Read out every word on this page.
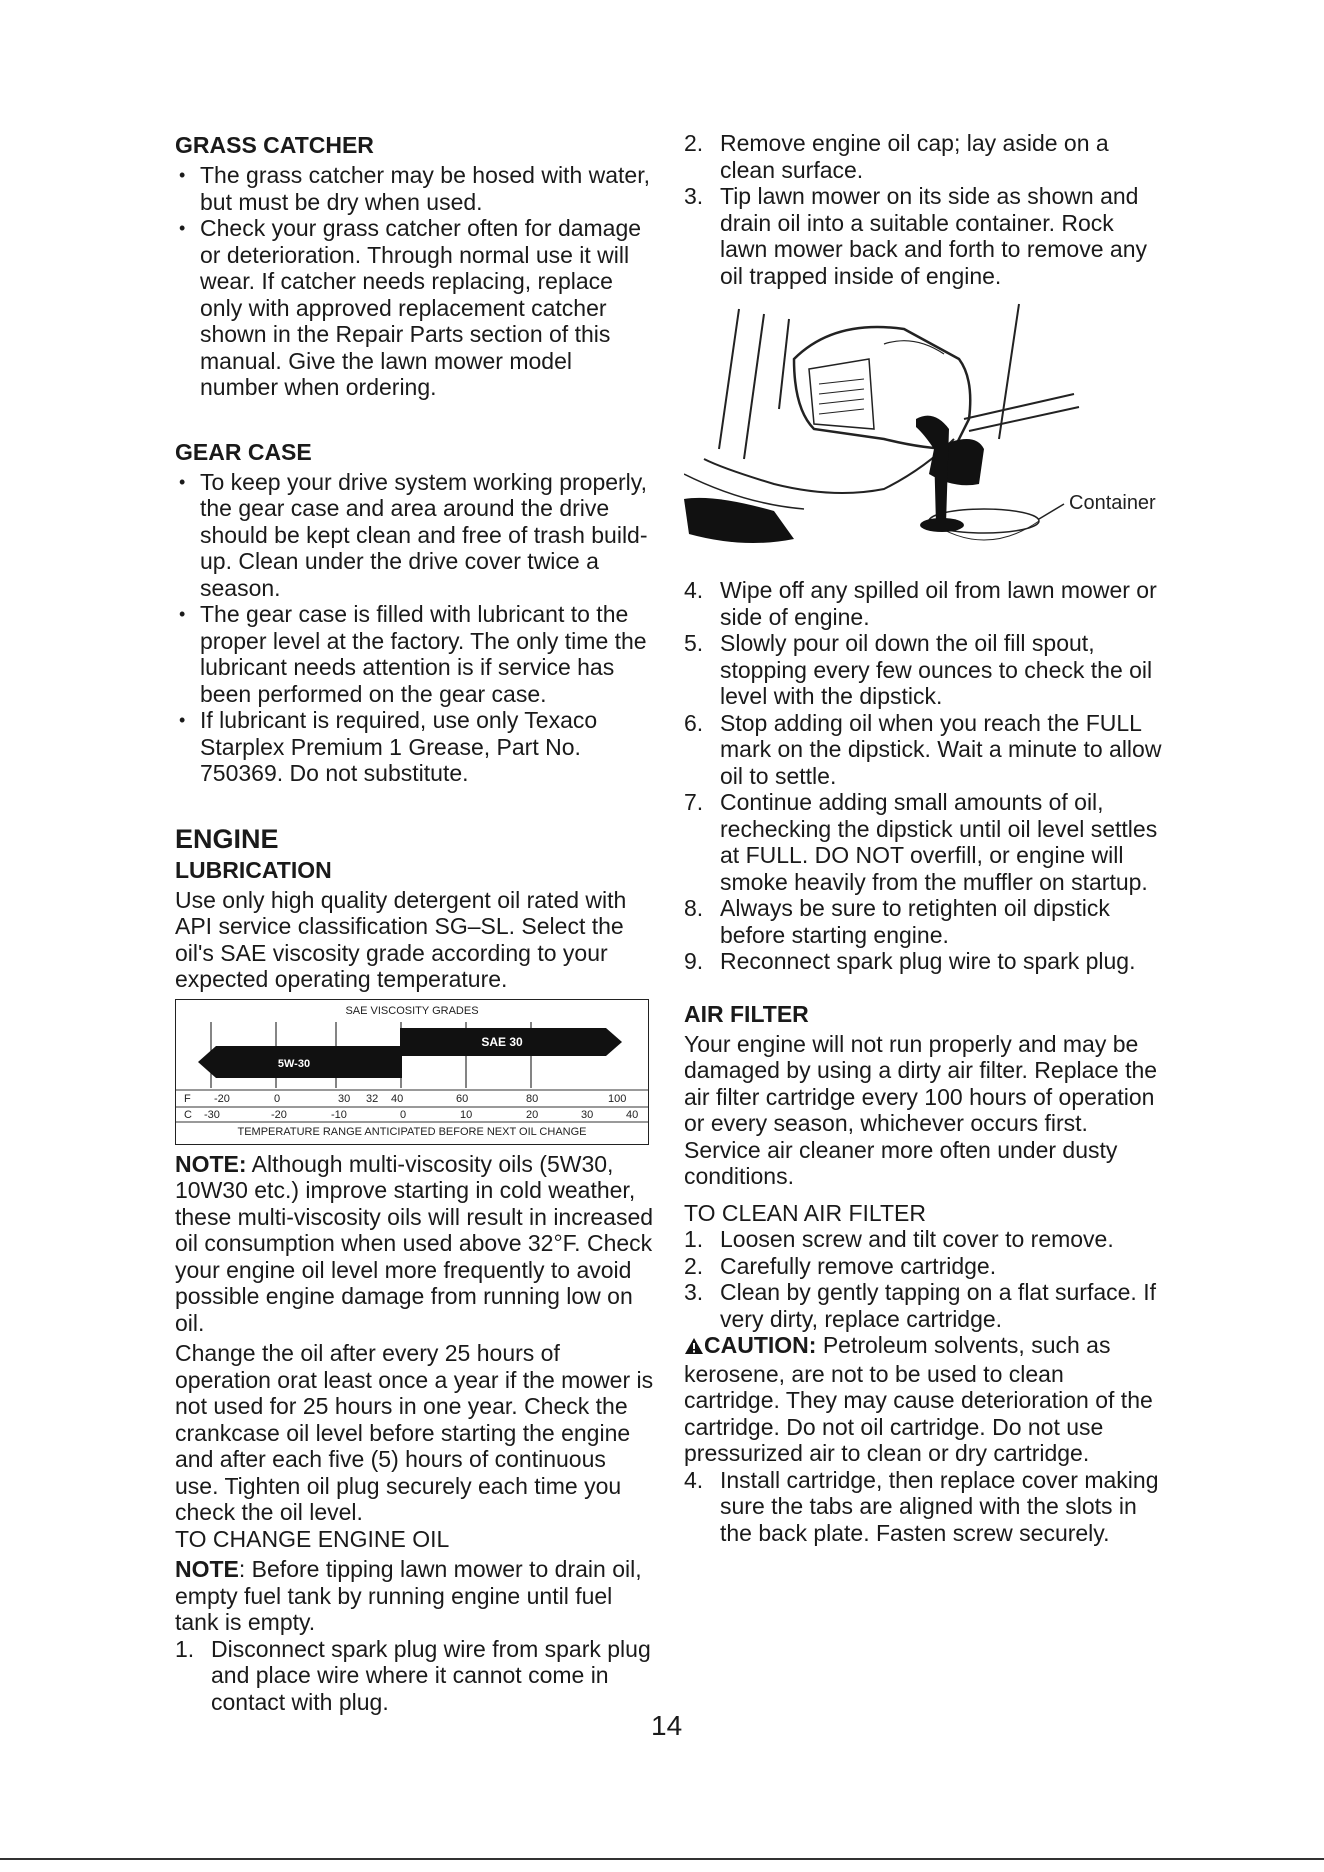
GRASS CATCHER
• The grass catcher may be hosed with water, but must be dry when used.
• Check your grass catcher often for damage or deterioration. Through normal use it will wear. If catcher needs replacing, replace only with approved replacement catcher shown in the Repair Parts section of this manual. Give the lawn mower model number when ordering.
GEAR CASE
• To keep your drive system working properly, the gear case and area around the drive should be kept clean and free of trash build-up. Clean under the drive cover twice a season.
• The gear case is filled with lubricant to the proper level at the factory. The only time the lubricant needs attention is if service has been performed on the gear case.
• If lubricant is required, use only Texaco Starplex Premium 1 Grease, Part No. 750369. Do not substitute.
ENGINE
LUBRICATION

Use only high quality detergent oil rated with API service classification SG–SL. Select the oil's SAE viscosity grade according to your expected operating temperature.

SAE VISCOSITY GRADES
5W-30
SAE 30
F -20	0	30 32 40	60	80	100
C -30	-20	-10	0	10	20	30	40
TEMPERATURE RANGE ANTICIPATED BEFORE NEXT OIL CHANGE

NOTE: Although multi-viscosity oils (5W30, 10W30 etc.) improve starting in cold weather, these multi-viscosity oils will result in increased oil consumption when used above 32°F. Check your engine oil level more frequently to avoid possible engine damage from running low on oil.

Change the oil after every 25 hours of operation orat least once a year if the mower is not used for 25 hours in one year. Check the crankcase oil level before starting the engine and after each five (5) hours of continuous use. Tighten oil plug securely each time you check the oil level.

TO CHANGE ENGINE OIL

NOTE: Before tipping lawn mower to drain oil, empty fuel tank by running engine until fuel tank is empty.

1. Disconnect spark plug wire from spark plug and place wire where it cannot come in contact with plug.
2. Remove engine oil cap; lay aside on a clean surface.
3. Tip lawn mower on its side as shown and drain oil into a suitable container. Rock lawn mower back and forth to remove any oil trapped inside of engine.
Container
4. Wipe off any spilled oil from lawn mower or side of engine.
5. Slowly pour oil down the oil fill spout, stopping every few ounces to check the oil level with the dipstick.
6. Stop adding oil when you reach the FULL mark on the dipstick. Wait a minute to allow oil to settle.
7. Continue adding small amounts of oil, rechecking the dipstick until oil level settles at FULL. DO NOT overfill, or engine will smoke heavily from the muffler on startup.
8. Always be sure to retighten oil dipstick before starting engine.
9. Reconnect spark plug wire to spark plug.
AIR FILTER

Your engine will not run properly and may be damaged by using a dirty air filter. Replace the air filter cartridge every 100 hours of operation or every season, whichever occurs first. Service air cleaner more often under dusty conditions.

TO CLEAN AIR FILTER

1. Loosen screw and tilt cover to remove.
2. Carefully remove cartridge.
3. Clean by gently tapping on a flat surface. If very dirty, replace cartridge.

CAUTION: Petroleum solvents, such as kerosene, are not to be used to clean cartridge. They may cause deterioration of the cartridge. Do not oil cartridge. Do not use pressurized air to clean or dry cartridge.

4. Install cartridge, then replace cover making sure the tabs are aligned with the slots in the back plate. Fasten screw securely.
14
